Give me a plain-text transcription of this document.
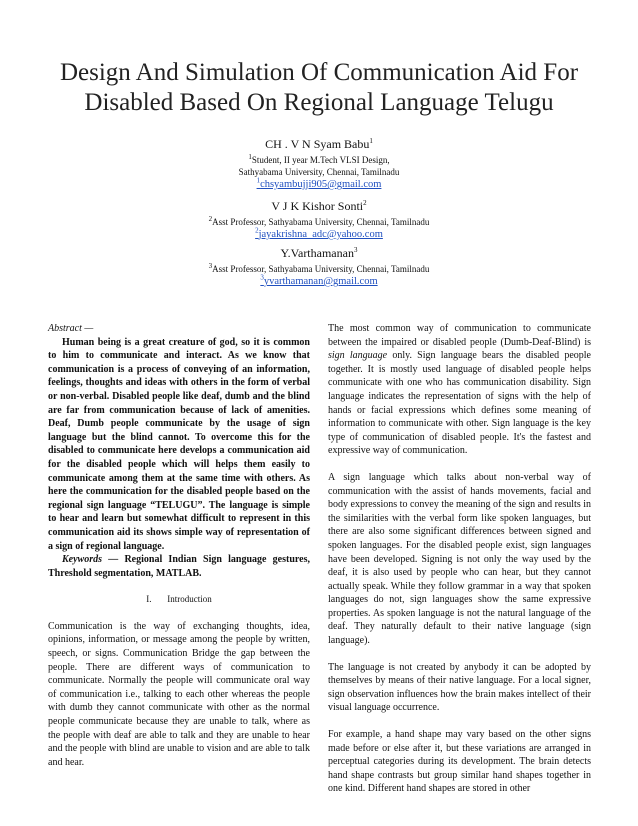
Design And Simulation Of Communication Aid For
Disabled Based On Regional Language Telugu
CH . V N Syam Babu$^1$
$^1$Student, II year M.Tech VLSI Design,
Sathyabama University, Chennai, Tamilnadu
$^1$chsyambujji905@gmail.com
V J K Kishor Sonti$^2$
$^2$Asst Professor, Sathyabama University, Chennai, Tamilnadu
$^2$jayakrishna_adc@yahoo.com
Y.Varthamanan$^3$
$^3$Asst Professor, Sathyabama University, Chennai, Tamilnadu
$^3$yvarthamanan@gmail.com

Abstract —

Human being is a great creature of god, so it is common to him to communicate and interact. As we know that communication is a process of conveying of an information, feelings, thoughts and ideas with others in the form of verbal or non-verbal. Disabled people like deaf, dumb and the blind are far from communication because of lack of amenities. Deaf, Dumb people communicate by the usage of sign language but the blind cannot. To overcome this for the disabled to communicate here develops a communication aid for the disabled people which will helps them easily to communicate among them at the same time with others. As here the communication for the disabled people based on the regional sign language “TELUGU”. The language is simple to hear and learn but somewhat difficult to represent in this communication aid its shows simple way of representation of a sign of regional language.

Keywords — Regional Indian Sign language gestures, Threshold segmentation, MATLAB.

I. Introduction

Communication is the way of exchanging thoughts, idea, opinions, information, or message among the people by written, speech, or signs. Communication Bridge the gap between the people. There are different ways of communication to communicate. Normally the people will communicate oral way of communication i.e., talking to each other whereas the people with dumb they cannot communicate with other as the normal people communicate because they are unable to talk, where as the people with deaf are able to talk and they are unable to hear and the people with blind are unable to vision and are able to talk and hear.

The most common way of communication to communicate between the impaired or disabled people (Dumb-Deaf-Blind) is sign language only. Sign language bears the disabled people together. It is mostly used language of disabled people helps communicate with one who has communication disability. Sign language indicates the representation of signs with the help of hands or facial expressions which defines some meaning of information to communicate with other. Sign language is the key type of communication of disabled people. It's the fastest and expressive way of communication.

A sign language which talks about non-verbal way of communication with the assist of hands movements, facial and body expressions to convey the meaning of the sign and results in the similarities with the verbal form like spoken languages, but there are also some significant differences between signed and spoken languages. For the disabled people exist, sign languages have been developed. Signing is not only the way used by the deaf, it is also used by people who can hear, but they cannot actually speak. While they follow grammar in a way that spoken languages do not, sign languages show the same expressive properties. As spoken language is not the natural language of the deaf. They naturally default to their native language (sign language).

The language is not created by anybody it can be adopted by themselves by means of their native language. For a local signer, sign observation influences how the brain makes intellect of their visual language occurrence.

For example, a hand shape may vary based on the other signs made before or else after it, but these variations are arranged in perceptual categories during its development. The brain detects hand shape contrasts but group similar hand shapes together in one kind. Different hand shapes are stored in other
